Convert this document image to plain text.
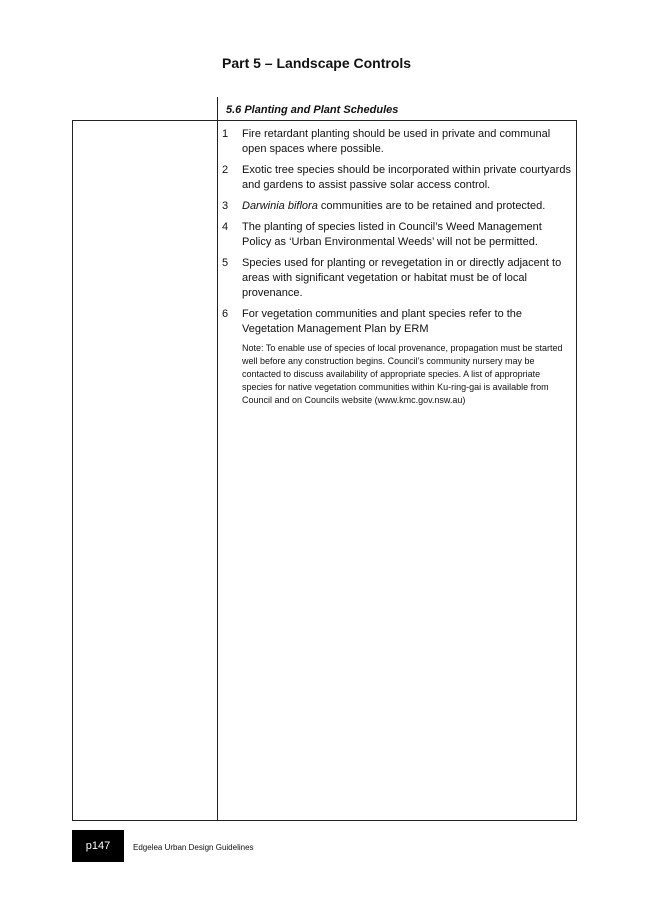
Part 5 – Landscape Controls
5.6 Planting and Plant Schedules
1	Fire retardant planting should be used in private and communal open spaces where possible.
2	Exotic tree species should be incorporated within private courtyards and gardens to assist passive solar access control.
3	Darwinia biflora communities are to be retained and protected.
4	The planting of species listed in Council’s Weed Management Policy as ‘Urban Environmental Weeds’ will not be permitted.
5	Species used for planting or revegetation in or directly adjacent to areas with significant vegetation or habitat must be of local provenance.
6	For vegetation communities and plant species refer to the Vegetation Management Plan by ERM

Note: To enable use of species of local provenance, propagation must be started well before any construction begins. Council’s community nursery may be contacted to discuss availability of appropriate species. A list of appropriate species for native vegetation communities within Ku-ring-gai is available from Council and on Councils website (www.kmc.gov.nsw.au)

p147	Edgelea Urban Design Guidelines
